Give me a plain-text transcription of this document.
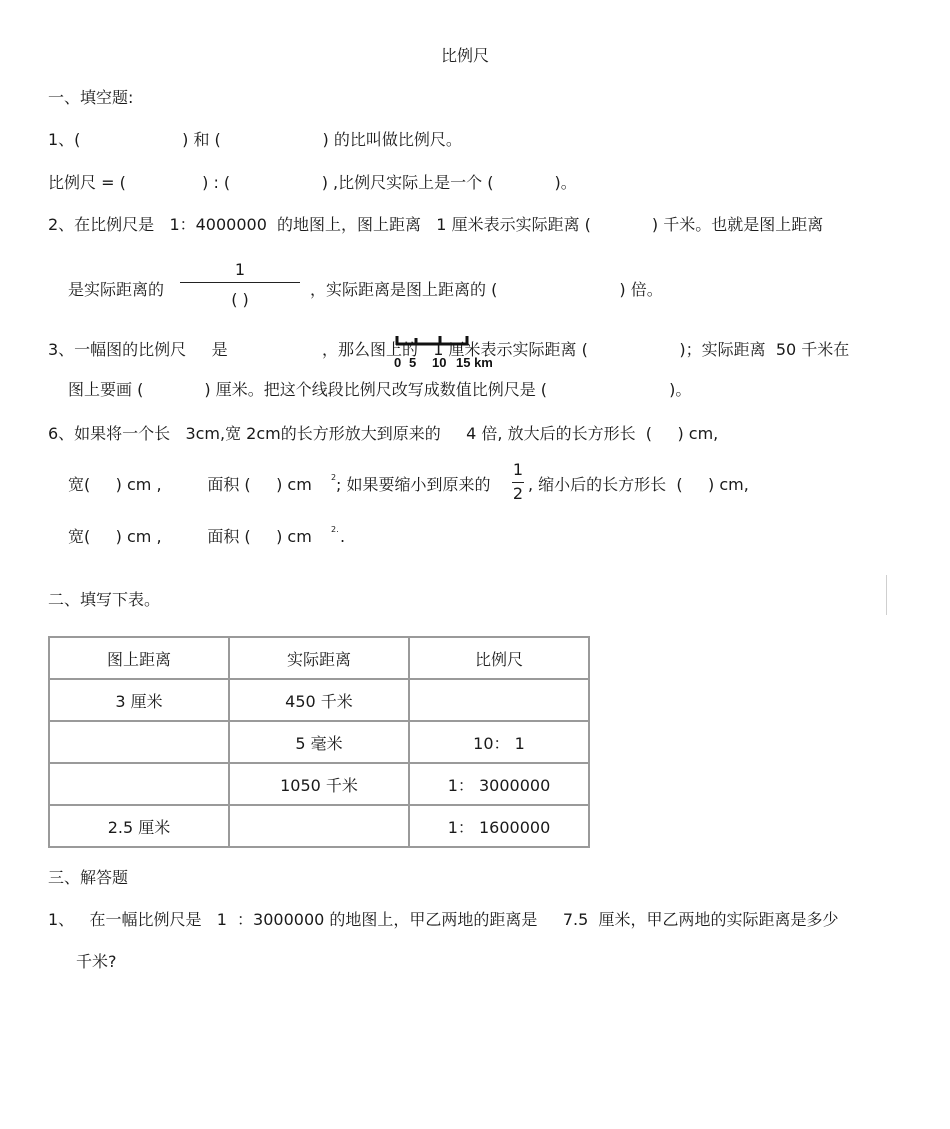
比例尺
一、填空题:
1、(                    ) 和 (                    ) 的比叫做比例尺。
比例尺 = (               ) : (                  ) ,比例尺实际上是一个 (            )。
2、在比例尺是   1：4000000  的地图上，图上距离   1 厘米表示实际距离 (            ) 千米。也就是图上距离
是实际距离的
1
( )
，实际距离是图上距离的 (                        ) 倍。
3、一幅图的比例尺     是	，那么图上的   1 厘米表示实际距离 (                  )；实际距离  50 千米在
0 5 10 15 km
图上要画 (            ) 厘米。把这个线段比例尺改写成数值比例尺是 (                        )。
6、如果将一个长   3cm,宽 2cm的长方形放大到原来的     4 倍, 放大后的长方形长  (     ) cm,
宽(     ) cm ,         面积 (     ) cm 2 ; 如果要缩小到原来的
1
2 , 缩小后的长方形长  (     ) cm,
宽(     ) cm ,         面积 (     ) cm 2. .
二、填写下表。
图上距离	实际距离	比例尺
3 厘米	450 千米	
	5 毫米	10： 1
	1050 千米	1： 3000000
2.5 厘米		1： 1600000
三、解答题
1、   在一幅比例尺是   1  ：3000000 的地图上，甲乙两地的距离是     7.5  厘米，甲乙两地的实际距离是多少
千米?
